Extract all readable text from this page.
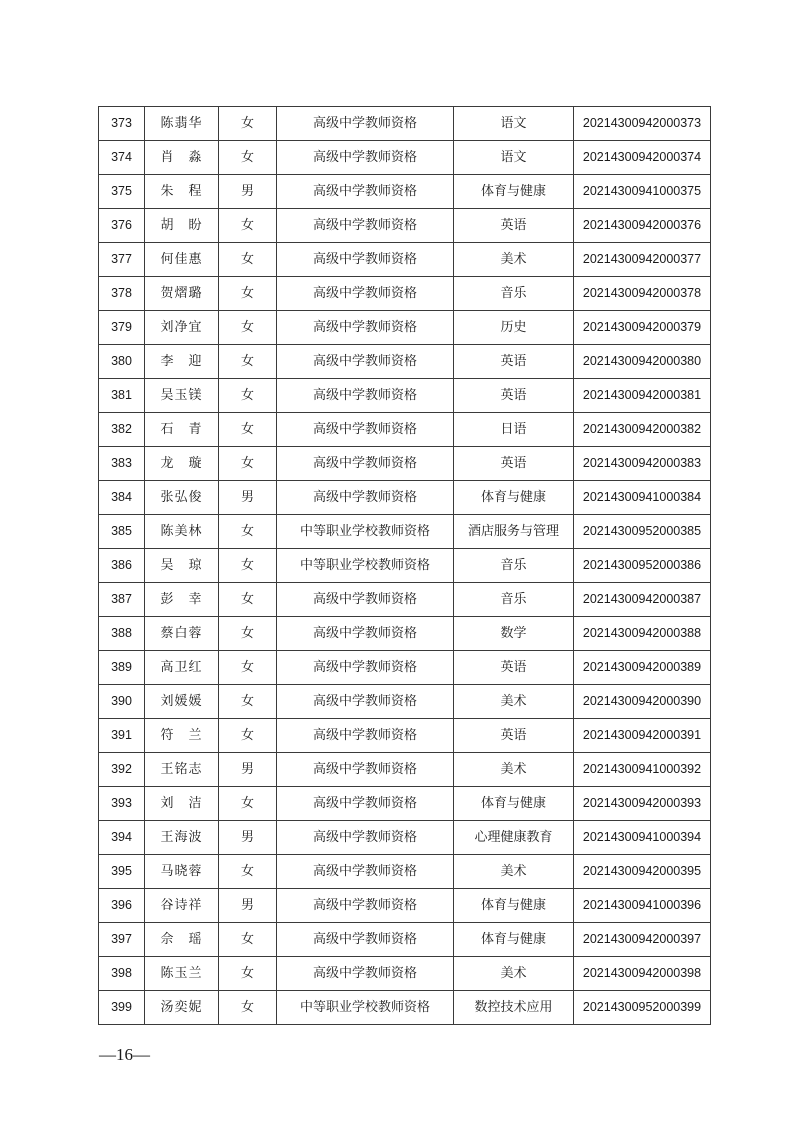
373	陈翡华	女	高级中学教师资格	语文	20214300942000373
374	肖　淼	女	高级中学教师资格	语文	20214300942000374
375	朱　程	男	高级中学教师资格	体育与健康	20214300941000375
376	胡　盼	女	高级中学教师资格	英语	20214300942000376
377	何佳惠	女	高级中学教师资格	美术	20214300942000377
378	贺熠璐	女	高级中学教师资格	音乐	20214300942000378
379	刘净宜	女	高级中学教师资格	历史	20214300942000379
380	李　迎	女	高级中学教师资格	英语	20214300942000380
381	吴玉镁	女	高级中学教师资格	英语	20214300942000381
382	石　青	女	高级中学教师资格	日语	20214300942000382
383	龙　璇	女	高级中学教师资格	英语	20214300942000383
384	张弘俊	男	高级中学教师资格	体育与健康	20214300941000384
385	陈美林	女	中等职业学校教师资格	酒店服务与管理	20214300952000385
386	吴　琼	女	中等职业学校教师资格	音乐	20214300952000386
387	彭　幸	女	高级中学教师资格	音乐	20214300942000387
388	蔡白蓉	女	高级中学教师资格	数学	20214300942000388
389	高卫红	女	高级中学教师资格	英语	20214300942000389
390	刘媛媛	女	高级中学教师资格	美术	20214300942000390
391	符　兰	女	高级中学教师资格	英语	20214300942000391
392	王铭志	男	高级中学教师资格	美术	20214300941000392
393	刘　洁	女	高级中学教师资格	体育与健康	20214300942000393
394	王海波	男	高级中学教师资格	心理健康教育	20214300941000394
395	马晓蓉	女	高级中学教师资格	美术	20214300942000395
396	谷诗祥	男	高级中学教师资格	体育与健康	20214300941000396
397	佘　瑶	女	高级中学教师资格	体育与健康	20214300942000397
398	陈玉兰	女	高级中学教师资格	美术	20214300942000398
399	汤奕妮	女	中等职业学校教师资格	数控技术应用	20214300952000399
—16—
